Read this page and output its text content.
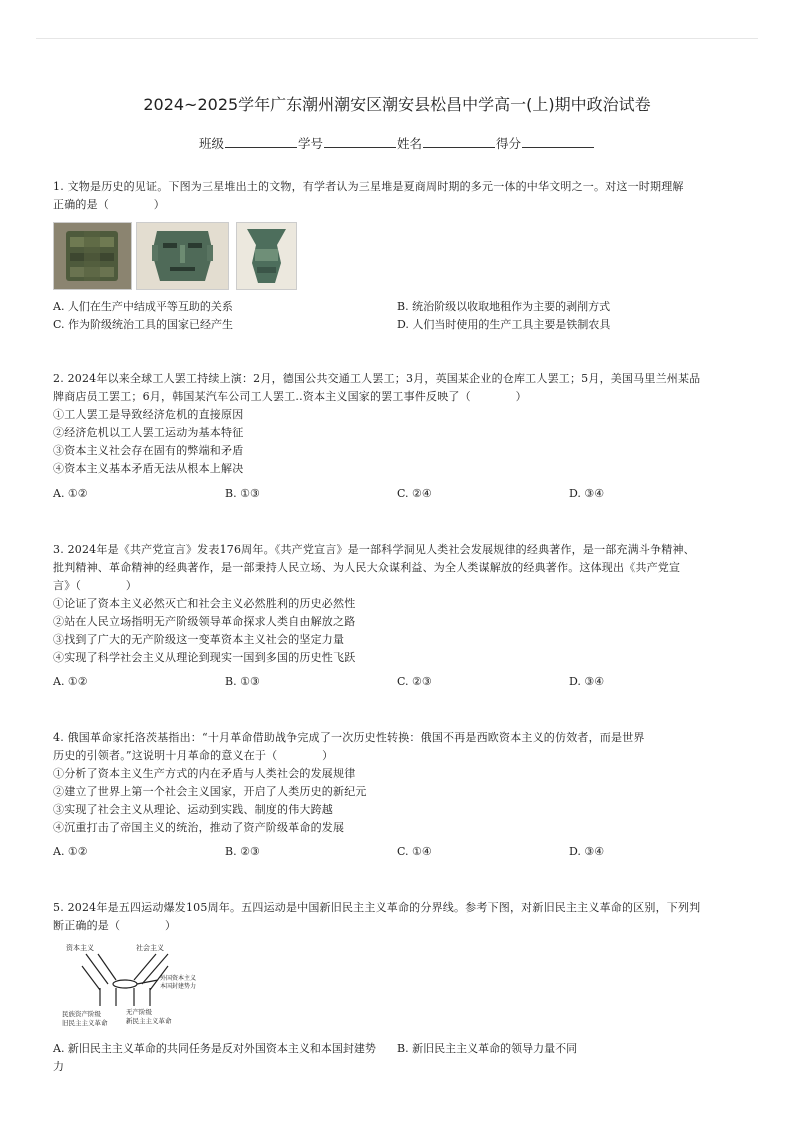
2024~2025学年广东潮州潮安区潮安县松昌中学高一(上)期中政治试卷
班级	学号	姓名	得分
1. 文物是历史的见证。下图为三星堆出土的文物，有学者认为三星堆是夏商周时期的多元一体的中华文明之一。对这一时期理解
正确的是（　　　　）
A. 人们在生产中结成平等互助的关系	B. 统治阶级以收取地租作为主要的剥削方式
C. 作为阶级统治工具的国家已经产生	D. 人们当时使用的生产工具主要是铁制农具
2. 2024年以来全球工人罢工持续上演：2月，德国公共交通工人罢工；3月，英国某企业的仓库工人罢工；5月，美国马里兰州某品
牌商店员工罢工；6月，韩国某汽车公司工人罢工..资本主义国家的罢工事件反映了（　　　　）
①工人罢工是导致经济危机的直接原因
②经济危机以工人罢工运动为基本特征
③资本主义社会存在固有的弊端和矛盾
④资本主义基本矛盾无法从根本上解决
A. ①②	B. ①③	C. ②④	D. ③④
3. 2024年是《共产党宣言》发表176周年。《共产党宣言》是一部科学洞见人类社会发展规律的经典著作，是一部充满斗争精神、
批判精神、革命精神的经典著作，是一部秉持人民立场、为人民大众谋利益、为全人类谋解放的经典著作。这体现出《共产党宣
言》（　　　　）
①论证了资本主义必然灭亡和社会主义必然胜利的历史必然性
②站在人民立场指明无产阶级领导革命探求人类自由解放之路
③找到了广大的无产阶级这一变革资本主义社会的坚定力量
④实现了科学社会主义从理论到现实一国到多国的历史性飞跃
A. ①②	B. ①③	C. ②③	D. ③④
4. 俄国革命家托洛茨基指出：“十月革命借助战争完成了一次历史性转换：俄国不再是西欧资本主义的仿效者，而是世界
历史的引领者。”这说明十月革命的意义在于（　　　　）
①分析了资本主义生产方式的内在矛盾与人类社会的发展规律
②建立了世界上第一个社会主义国家，开启了人类历史的新纪元
③实现了社会主义从理论、运动到实践、制度的伟大跨越
④沉重打击了帝国主义的统治，推动了资产阶级革命的发展
A. ①②	B. ②③	C. ①④	D. ③④
5. 2024年是五四运动爆发105周年。五四运动是中国新旧民主主义革命的分界线。参考下图，对新旧民主主义革命的区别，下列判
断正确的是（　　　　）
资本主义	社会主义
外国资本主义
本国封建势力
民族资产阶级
旧民主主义革命
无产阶级
新民主主义革命
A. 新旧民主主义革命的共同任务是反对外国资本主义和本国封建势力
B. 新旧民主主义革命的领导力量不同
